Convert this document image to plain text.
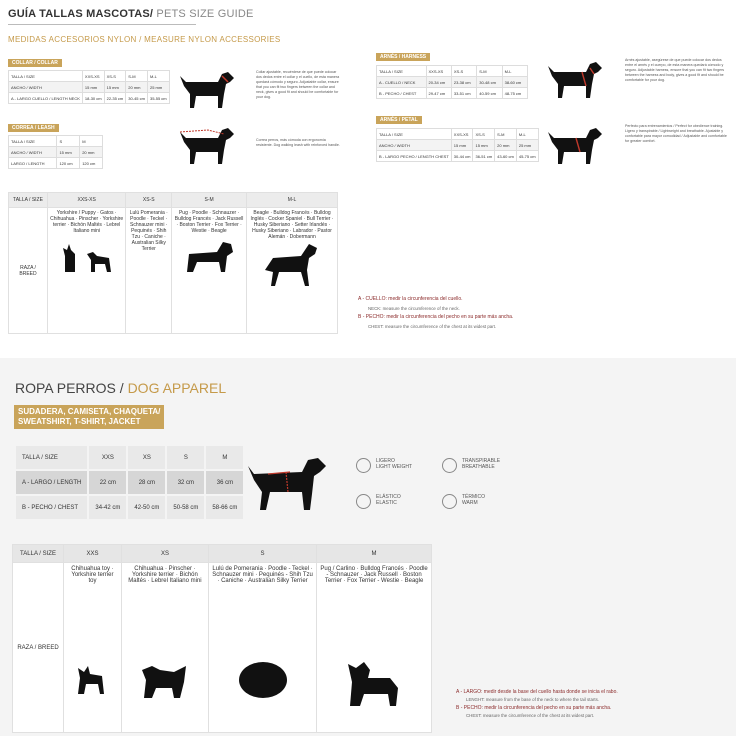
GUÍA TALLAS MASCOTAS/ PETS SIZE GUIDE
MEDIDAS ACCESORIOS NYLON / MEASURE NYLON ACCESSORIES
COLLAR / COLLAR
TALLA / SIZE	XXS-XS	XS-S	S-M	M-L
ANCHO / WIDTH	15 mm	15 mm	20 mm	25 mm
A - LARGO CUELLO / LENGTH NECK	18-30 cm	22-35 cm	30-45 cm	35-55 cm
Collar ajustable, recuérdese de que puede colocar dos dedos entre el collar y el cuello, de esta manera quedará cómodo y seguro. Adjustable collar, ensure that you can fit two fingers between the collar and neck, gives a good fit and should be comfortable for your dog.
CORREA / LEASH
TALLA / SIZE	S	M
ANCHO / WIDTH	15 mm	20 mm
LARGO / LENGTH	120 cm	120 cm
Correa perros, más cómoda con ergonomía resistente. Dog walking leash with reinforced handle.
ARNÉS / HARNESS
TALLA / SIZE	XXS-XS	XS-S	S-M	M-L
A - CUELLO / NECK	20-34 cm	23-38 cm	30-48 cm	38-60 cm
B - PECHO / CHEST	29-47 cm	33-51 cm	40-59 cm	48-75 cm
Arnés ajustable, asegúrese de que puede colocar dos dedos entre el arnés y el cuerpo, de esta manera quedará cómodo y seguro. Adjustable harness, ensure that you can fit two fingers between the harness and body, gives a good fit and should be comfortable for your dog.
ARNÉS / PETAL
TALLA / SIZE	XXS-XS	XS-S	S-M	M-L
ANCHO / WIDTH	15 mm	15 mm	20 mm	25 mm
B - LARGO PECHO / LENGTH CHEST	30-44 cm	36-51 cm	43-60 cm	45-75 cm
Perfecto para entrenamientos / Perfect for obedience training. Ligero y transpirable / Lightweight and breathable. Ajustable y confortable para mayor comodidad / Adjustable and comfortable for greater comfort.
TALLA / SIZE	XXS-XS	XS-S	S-M	M-L
RAZA / BREED	Yorkshire / Puppy · Gatos · Chihuahua · Pinscher · Yorkshire terrier · Bichón Maltés · Lebrel Italiano mini	Lulú Pomerania · Poodle · Teckel · Schnauzer mini · Pequinés · Shih Tzu · Caniche · Australian Silky Terrier	Pug · Poodle · Schnauzer · Bulldog Francés · Jack Russell · Boston Terrier · Fox Terrier · Westie · Beagle	Beagle · Bulldog Francés · Bulldog Inglés · Cocker Spaniel · Bull Terrier · Husky Siberiano · Setter Irlandés · Husky Siberiano · Labrador · Pastor Alemán · Dobermann
A - CUELLO: medir la circunferencia del cuello.
NECK: measure the circumference of the neck.
B - PECHO: medir la circunferencia del pecho en su parte más ancha.
CHEST: measure the circumference of the chest at its widest part.
ROPA PERROS / DOG APPAREL
SUDADERA, CAMISETA, CHAQUETA/
SWEATSHIRT, T-SHIRT, JACKET
TALLA / SIZE	XXS	XS	S	M
A - LARGO / LENGTH	22 cm	28 cm	32 cm	36 cm
B - PECHO / CHEST	34-42 cm	42-50 cm	50-58 cm	58-66 cm
LIGERO
LIGHT WEIGHT
TRANSPIRABLE
BREATHABLE
ELÁSTICO
ELASTIC
TÉRMICO
WARM
TALLA / SIZE	XXS	XS	S	M
RAZA / BREED	Chihuahua toy · Yorkshire terrier toy	Chihuahua · Pinscher · Yorkshire terrier · Bichón Maltés · Lebrel Italiano mini	Lulú de Pomerania · Poodle - Teckel · Schnauzer mini · Pequinés - Shih Tzu · Caniche · Australian Silky Terrier	Pug / Carlino · Bulldog Francés · Poodle - Schnauzer · Jack Russell · Boston Terrier · Fox Terrier - Westie · Beagle
A - LARGO: medir desde la base del cuello hasta donde se inicia el rabo.
LENGHT: measure from the base of the neck to where the tail starts.
B - PECHO: medir la circunferencia del pecho en su parte más ancha.
CHEST: measure the circumference of the chest at its widest part.
